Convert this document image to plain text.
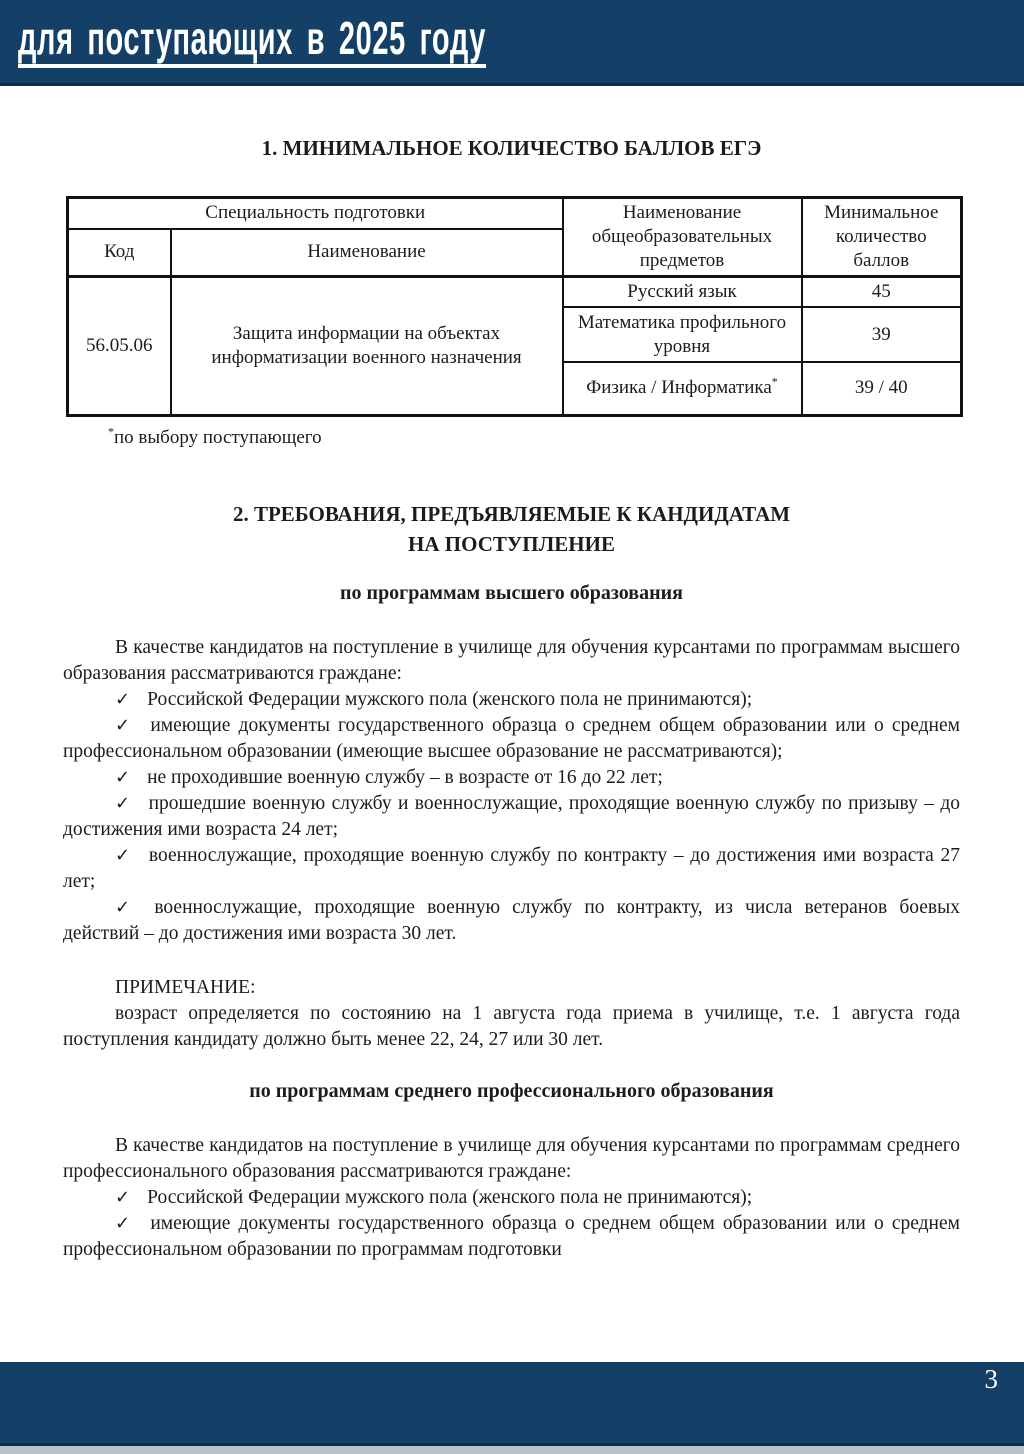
для поступающих в 2025 году
1. МИНИМАЛЬНОЕ КОЛИЧЕСТВО БАЛЛОВ ЕГЭ
Специальность подготовки		Наименование общеобразовательных предметов	Минимальное количество баллов
Код	Наименование		
56.05.06	Защита информации на объектах информатизации военного назначения	Русский язык	45
		Математика профильного уровня	39
		Физика / Информатика*	39 / 40
*по выбору поступающего
2. ТРЕБОВАНИЯ, ПРЕДЪЯВЛЯЕМЫЕ К КАНДИДАТАМ
НА ПОСТУПЛЕНИЕ
по программам высшего образования

В качестве кандидатов на поступление в училище для обучения курсантами по программам высшего образования рассматриваются граждане:

✓ Российской Федерации мужского пола (женского пола не принимаются);

✓ имеющие документы государственного образца о среднем общем образовании или о среднем профессиональном образовании (имеющие высшее образование не рассматриваются);

✓ не проходившие военную службу – в возрасте от 16 до 22 лет;

✓ прошедшие военную службу и военнослужащие, проходящие военную службу по призыву – до достижения ими возраста 24 лет;

✓ военнослужащие, проходящие военную службу по контракту – до достижения ими возраста 27 лет;

✓ военнослужащие, проходящие военную службу по контракту, из числа ветеранов боевых действий – до достижения ими возраста 30 лет.

ПРИМЕЧАНИЕ:

возраст определяется по состоянию на 1 августа года приема в училище, т.е. 1 августа года поступления кандидату должно быть менее 22, 24, 27 или 30 лет.

по программам среднего профессионального образования

В качестве кандидатов на поступление в училище для обучения курсантами по программам среднего профессионального образования рассматриваются граждане:

✓ Российской Федерации мужского пола (женского пола не принимаются);

✓ имеющие документы государственного образца о среднем общем образовании или о среднем профессиональном образовании по программам подготовки

3
